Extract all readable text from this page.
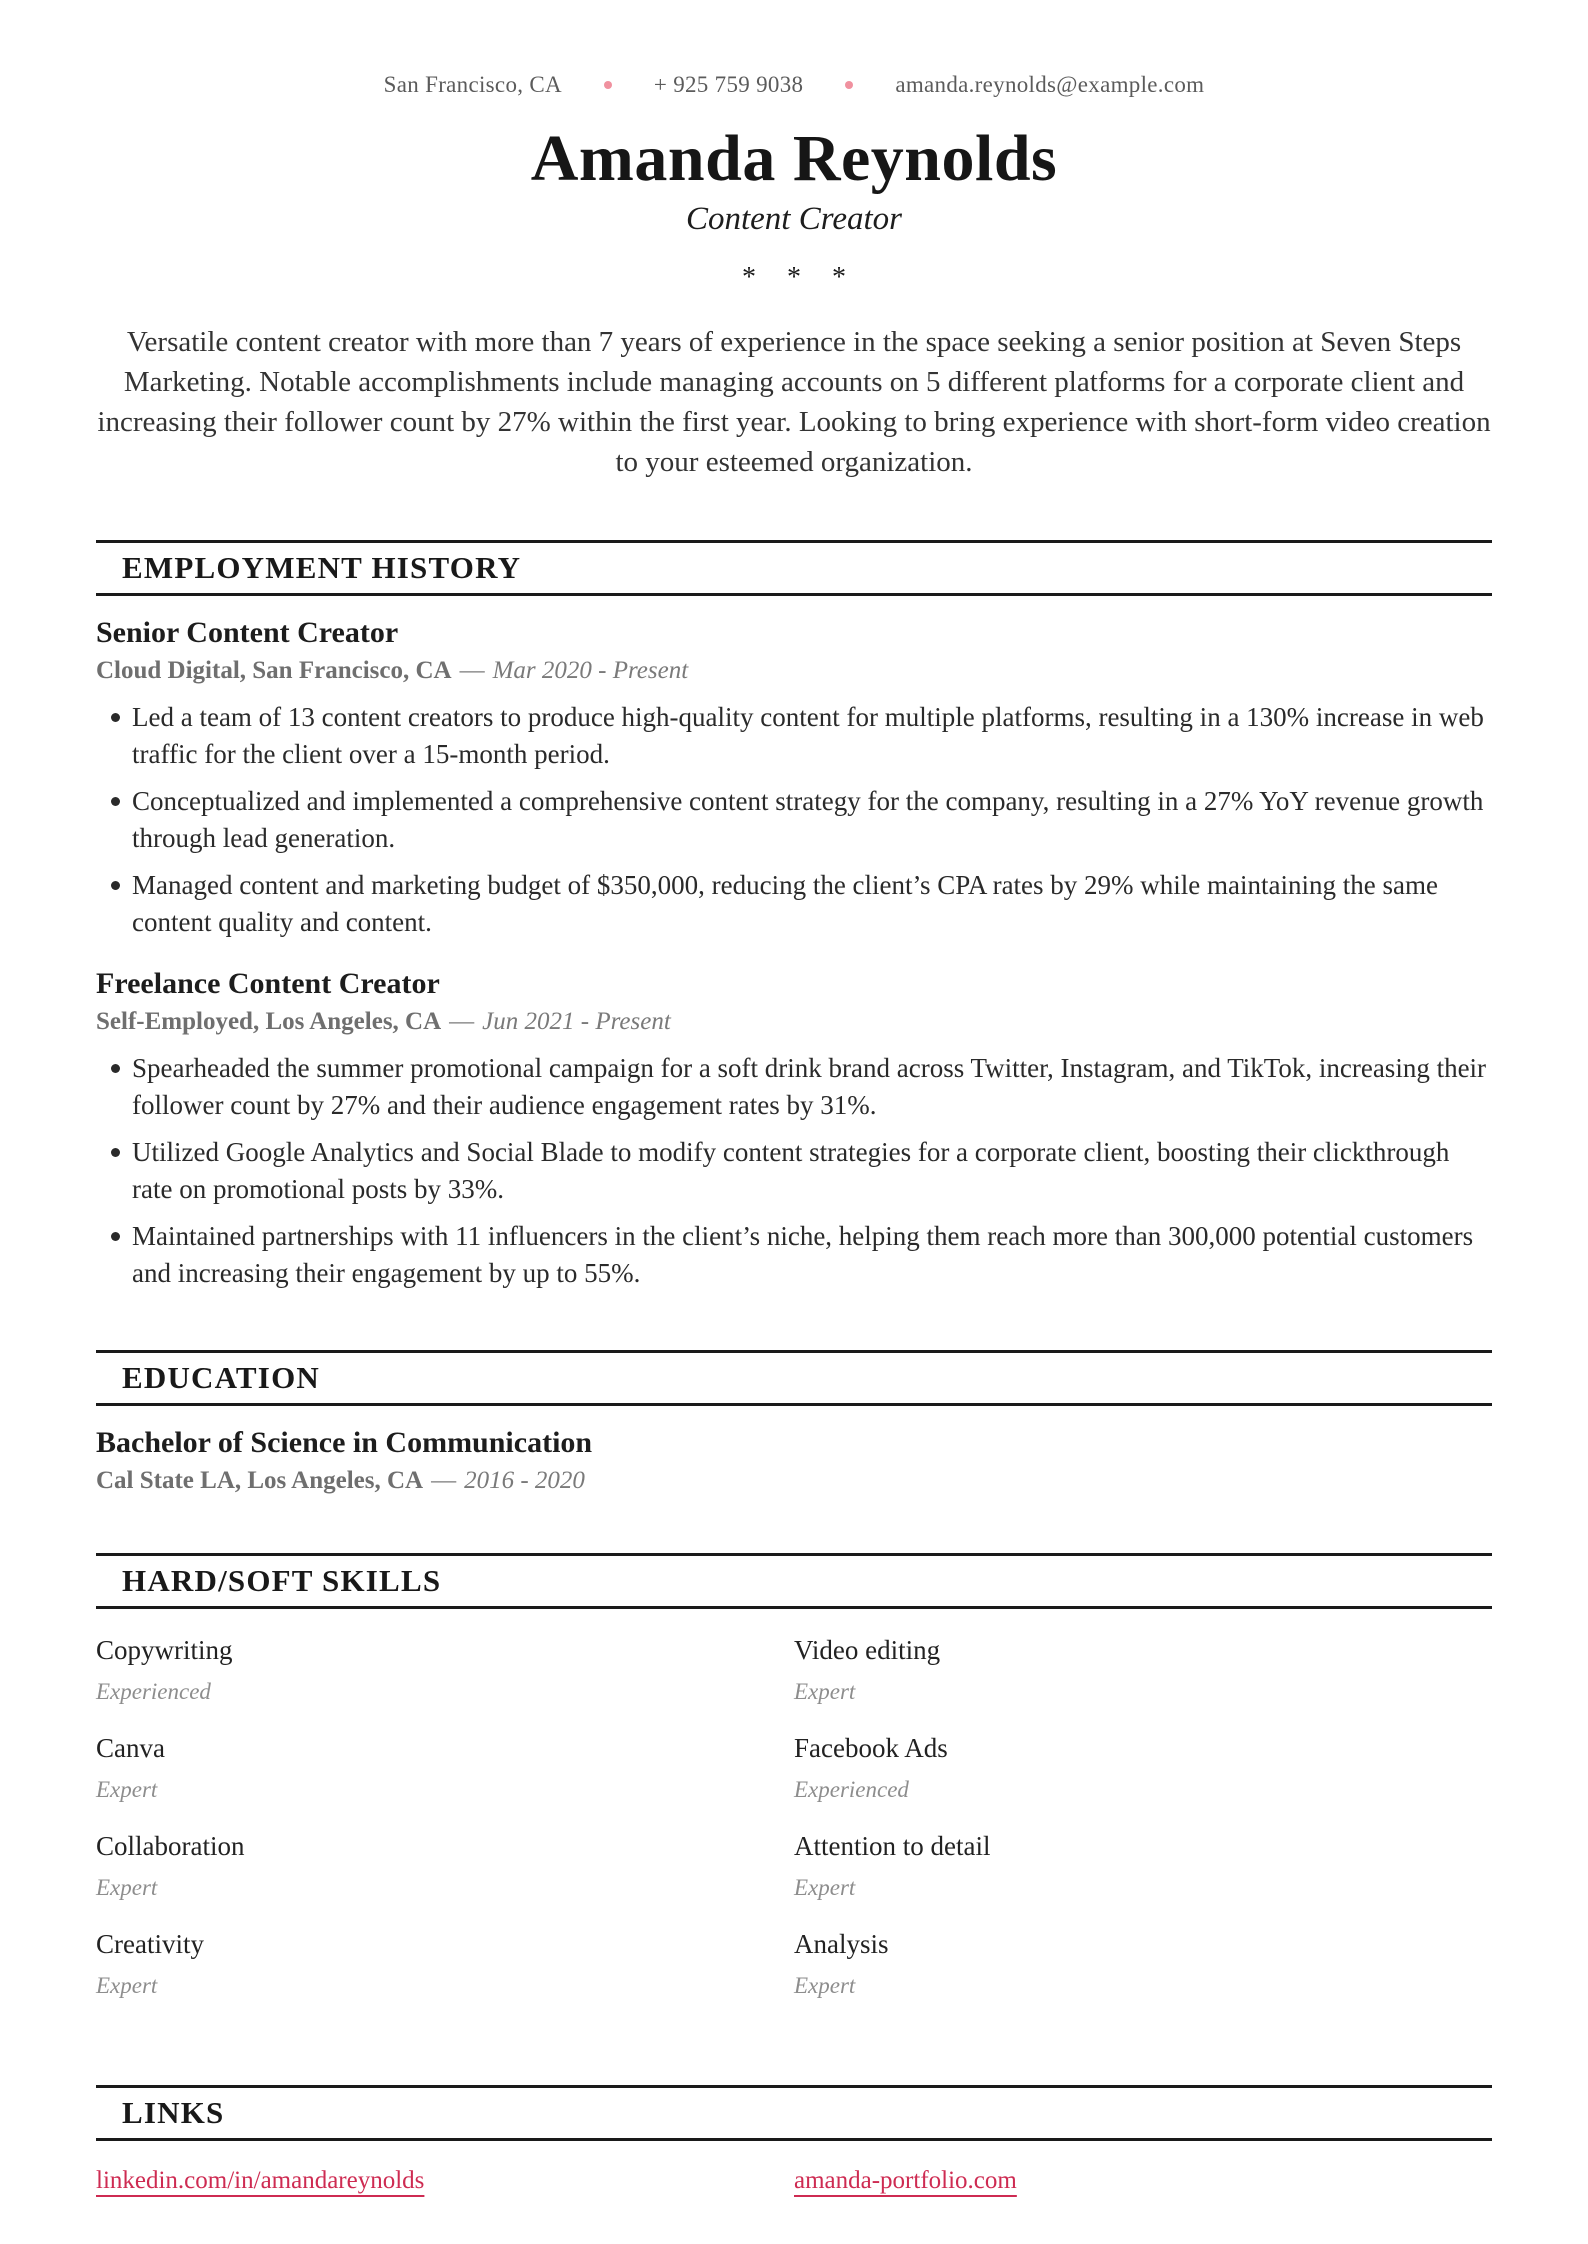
San Francisco, CA	+ 925 759 9038	amanda.reynolds@example.com
Amanda Reynolds
Content Creator
* * *

Versatile content creator with more than 7 years of experience in the space seeking a senior position at Seven Steps Marketing. Notable accomplishments include managing accounts on 5 different platforms for a corporate client and increasing their follower count by 27% within the first year. Looking to bring experience with short-form video creation to your esteemed organization.

EMPLOYMENT HISTORY
Senior Content Creator

Cloud Digital, San Francisco, CA — Mar 2020 - Present

Led a team of 13 content creators to produce high-quality content for multiple platforms, resulting in a 130% increase in web traffic for the client over a 15-month period.
Conceptualized and implemented a comprehensive content strategy for the company, resulting in a 27% YoY revenue growth through lead generation.
Managed content and marketing budget of $350,000, reducing the client’s CPA rates by 29% while maintaining the same content quality and content.
Freelance Content Creator

Self-Employed, Los Angeles, CA — Jun 2021 - Present

Spearheaded the summer promotional campaign for a soft drink brand across Twitter, Instagram, and TikTok, increasing their follower count by 27% and their audience engagement rates by 31%.
Utilized Google Analytics and Social Blade to modify content strategies for a corporate client, boosting their clickthrough rate on promotional posts by 33%.
Maintained partnerships with 11 influencers in the client’s niche, helping them reach more than 300,000 potential customers and increasing their engagement by up to 55%.
EDUCATION
Bachelor of Science in Communication

Cal State LA, Los Angeles, CA — 2016 - 2020

HARD/SOFT SKILLS
Copywriting
Experienced
Video editing
Expert
Canva
Expert
Facebook Ads
Experienced
Collaboration
Expert
Attention to detail
Expert
Creativity
Expert
Analysis
Expert
LINKS
linkedin.com/in/amandareynolds	amanda-portfolio.com
